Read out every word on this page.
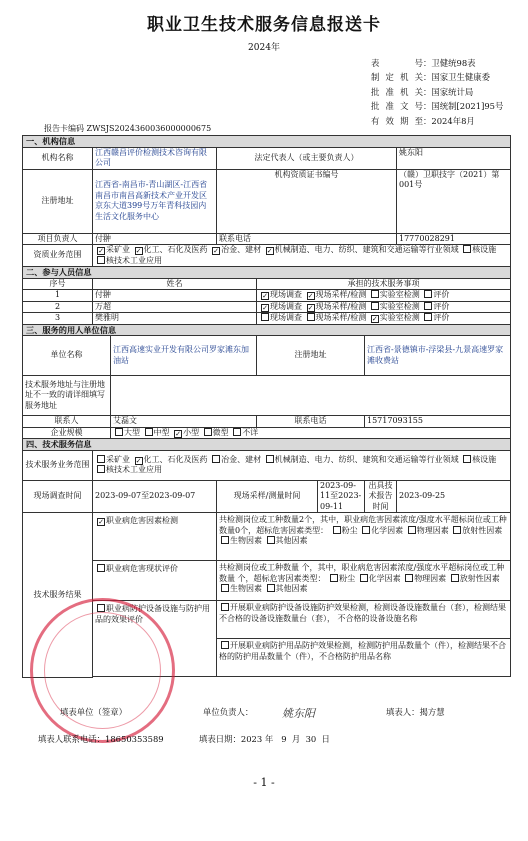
职业卫生技术服务信息报送卡
2024年
表　　号：卫健统98表
制定机关：国家卫生健康委
批准机关：国家统计局
批准文号：国统制[2021]95号
有效期至：2024年8月
报告卡编码 ZWSJS2024360036000000675
一、机构信息							
机构名称	江西赣昌评价检测技术咨询有限公司		法定代表人（或主要负责人）				姚东阳
注册地址	江西省-南昌市-青山湖区-江西省南昌市南昌高新技术产业开发区京东大道399号万年青科技园内生活文化服务中心		机构资质证书编号				（赣）卫职技字（2021）第001号
项目负责人	付翀		联系电话				17770028291
资质业务范围	✓ 采矿业 ✓ 化工、石化及医药 ✓ 冶金、建材 ✓ 机械制造、电力、纺织、建筑和交通运输等行业领域 核设施 核技术工业应用						
二、参与人员信息							
序号	姓名			承担的技术服务事项			
1	付翀			✓ 现场调查 ✓ 现场采样/检测 实验室检测 评价			
2	万超			✓ 现场调查 ✓ 现场采样/检测 实验室检测 评价			
3	樊雅明			现场调查 现场采样/检测 ✓ 实验室检测 评价			
三、服务的用人单位信息							
单位名称		江西高速实业开发有限公司罗家滩东加油站		注册地址		江西省-景德镇市-浮梁县-九景高速罗家滩收费站	
技术服务地址与注册地址不一致的请详细填写服务地址							
联系人		艾磊文		联系电话		15717093155	
企业规模		大型 中型 ✓ 小型 微型 不详					
四、技术服务信息							
技术服务业务范围	采矿业 ✓ 化工、石化及医药 冶金、建材 机械制造、电力、纺织、建筑和交通运输等行业领域 核设施 核技术工业应用						
现场调查时间	2023-09-07至2023-09-07		现场采样/测量时间		2023-09-11至2023-09-11	出具技术报告时间	2023-09-25
技术服务结果	✓ 职业病危害因素检测		共检测岗位或工种数量2个，其中，职业病危害因素浓度/强度水平超标岗位或工种数量0个，超标危害因素类型： 粉尘 化学因素 物理因素 放射性因素 生物因素 其他因素				
	职业病危害现状评价		共检测岗位或工种数量 个，其中，职业病危害因素浓度/强度水平超标岗位或工种数量 个，超标危害因素类型： 粉尘 化学因素 物理因素 放射性因素 生物因素 其他因素				
	职业病防护设备设施与防护用品的效果评价		开展职业病防护设备设施防护效果检测，检测设备设施数量台（套），检测结果不合格的设备设施数量台（套）， 不合格的设备设施名称				
			开展职业病防护用品防护效果检测，检测防护用品数量个（件），检测结果不合格的防护用品数量个（件），不合格防护用品名称				

填表单位（签章）	单位负责人：	姚东阳	填表人：揭方慧
填表人联系电话：18650353589	填表日期：2023 年   9  月  30  日
- 1 -
